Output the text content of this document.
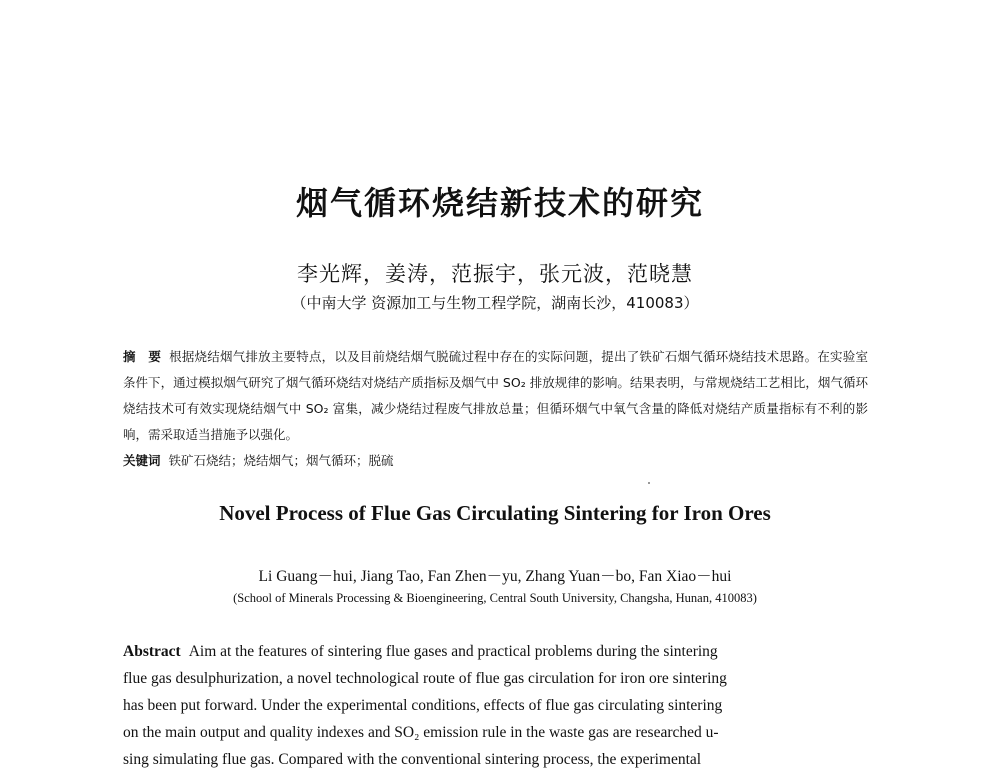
烟气循环烧结新技术的研究
李光辉，姜涛，范振宇，张元波，范晓慧
（中南大学 资源加工与生物工程学院，湖南长沙，410083）
摘　要 根据烧结烟气排放主要特点，以及目前烧结烟气脱硫过程中存在的实际问题，提出了铁矿石烟气循环烧结技术思路。在实验室条件下，通过模拟烟气研究了烟气循环烧结对烧结产质指标及烟气中 SO₂ 排放规律的影响。结果表明，与常规烧结工艺相比，烟气循环烧结技术可有效实现烧结烟气中 SO₂ 富集，减少烧结过程废气排放总量；但循环烟气中氧气含量的降低对烧结产质量指标有不利的影响，需采取适当措施予以强化。
关键词 铁矿石烧结；烧结烟气；烟气循环；脱硫
Novel Process of Flue Gas Circulating Sintering for Iron Ores
Li Guang－hui, Jiang Tao, Fan Zhen－yu, Zhang Yuan－bo, Fan Xiao－hui
(School of Minerals Processing & Bioengineering, Central South University, Changsha, Hunan, 410083)
Abstract Aim at the features of sintering flue gases and practical problems during the sintering
flue gas desulphurization, a novel technological route of flue gas circulation for iron ore sintering
has been put forward. Under the experimental conditions, effects of flue gas circulating sintering
on the main output and quality indexes and SO₂ emission rule in the waste gas are researched u-
sing simulating flue gas. Compared with the conventional sintering process, the experimental
